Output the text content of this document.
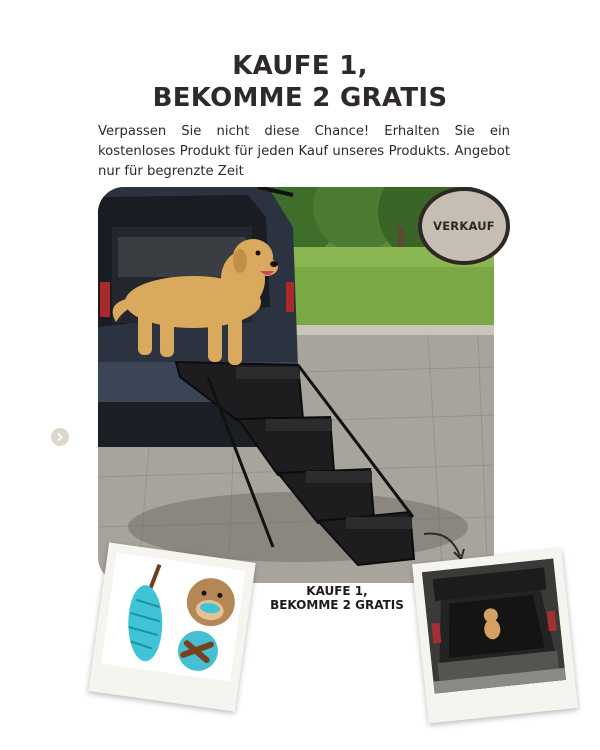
KAUFE 1,
BEKOMME 2 GRATIS

Verpassen Sie nicht diese Chance! Erhalten Sie ein kostenloses Produkt für jeden Kauf unseres Produkts. Angebot nur für begrenzte Zeit

VERKAUF
KAUFE 1,
BEKOMME 2 GRATIS
